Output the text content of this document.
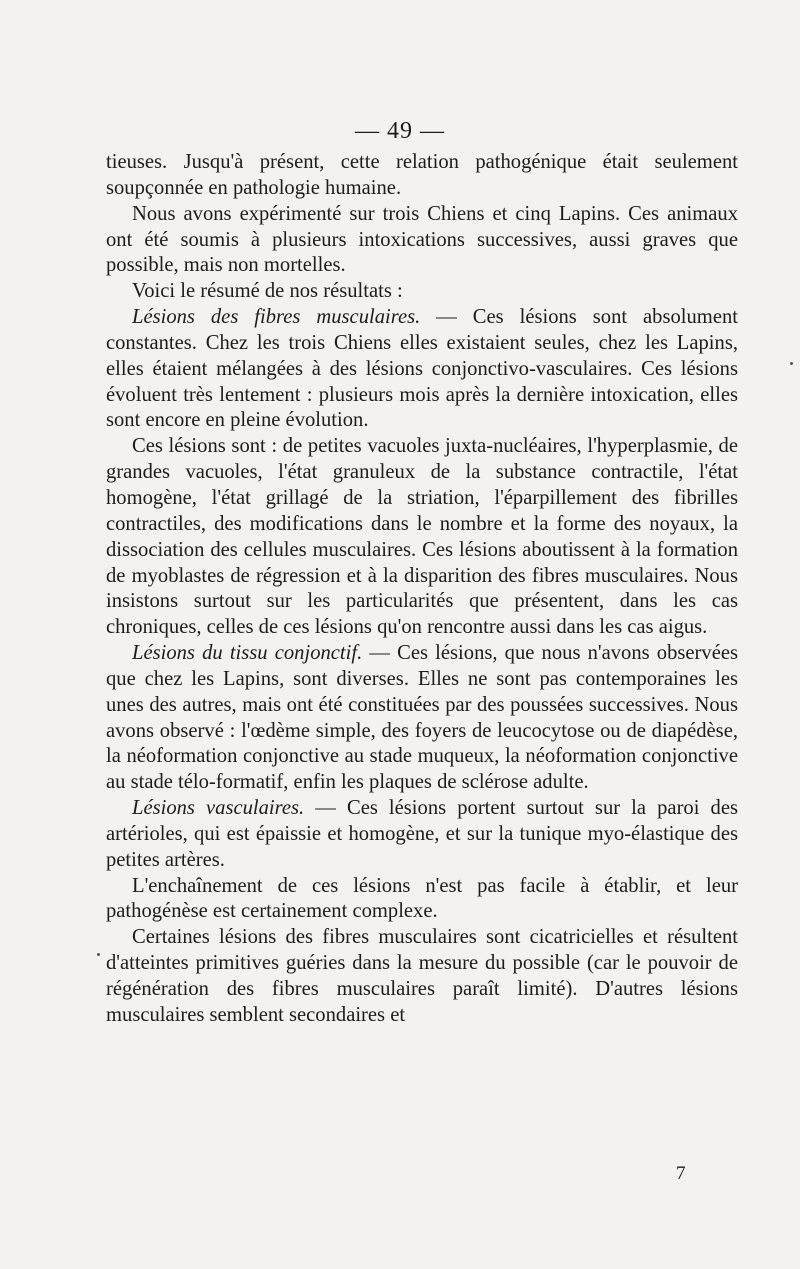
— 49 —

tieuses. Jusqu'à présent, cette relation pathogénique était seulement soupçonnée en pathologie humaine.

Nous avons expérimenté sur trois Chiens et cinq Lapins. Ces animaux ont été soumis à plusieurs intoxications successives, aussi graves que possible, mais non mortelles.

Voici le résumé de nos résultats :

Lésions des fibres musculaires. — Ces lésions sont absolument constantes. Chez les trois Chiens elles existaient seules, chez les Lapins, elles étaient mélangées à des lésions conjonctivo-vasculaires. Ces lésions évoluent très lentement : plusieurs mois après la dernière intoxication, elles sont encore en pleine évolution.

Ces lésions sont : de petites vacuoles juxta-nucléaires, l'hyperplasmie, de grandes vacuoles, l'état granuleux de la substance contractile, l'état homogène, l'état grillagé de la striation, l'éparpillement des fibrilles contractiles, des modifications dans le nombre et la forme des noyaux, la dissociation des cellules musculaires. Ces lésions aboutissent à la formation de myoblastes de régression et à la disparition des fibres musculaires. Nous insistons surtout sur les particularités que présentent, dans les cas chroniques, celles de ces lésions qu'on rencontre aussi dans les cas aigus.

Lésions du tissu conjonctif. — Ces lésions, que nous n'avons observées que chez les Lapins, sont diverses. Elles ne sont pas contemporaines les unes des autres, mais ont été constituées par des poussées successives. Nous avons observé : l'œdème simple, des foyers de leucocytose ou de diapédèse, la néoformation conjonctive au stade muqueux, la néoformation conjonctive au stade télo-formatif, enfin les plaques de sclérose adulte.

Lésions vasculaires. — Ces lésions portent surtout sur la paroi des artérioles, qui est épaissie et homogène, et sur la tunique myo-élastique des petites artères.

L'enchaînement de ces lésions n'est pas facile à établir, et leur pathogénèse est certainement complexe.

Certaines lésions des fibres musculaires sont cicatricielles et résultent d'atteintes primitives guéries dans la mesure du possible (car le pouvoir de régénération des fibres musculaires paraît limité). D'autres lésions musculaires semblent secondaires et

7
